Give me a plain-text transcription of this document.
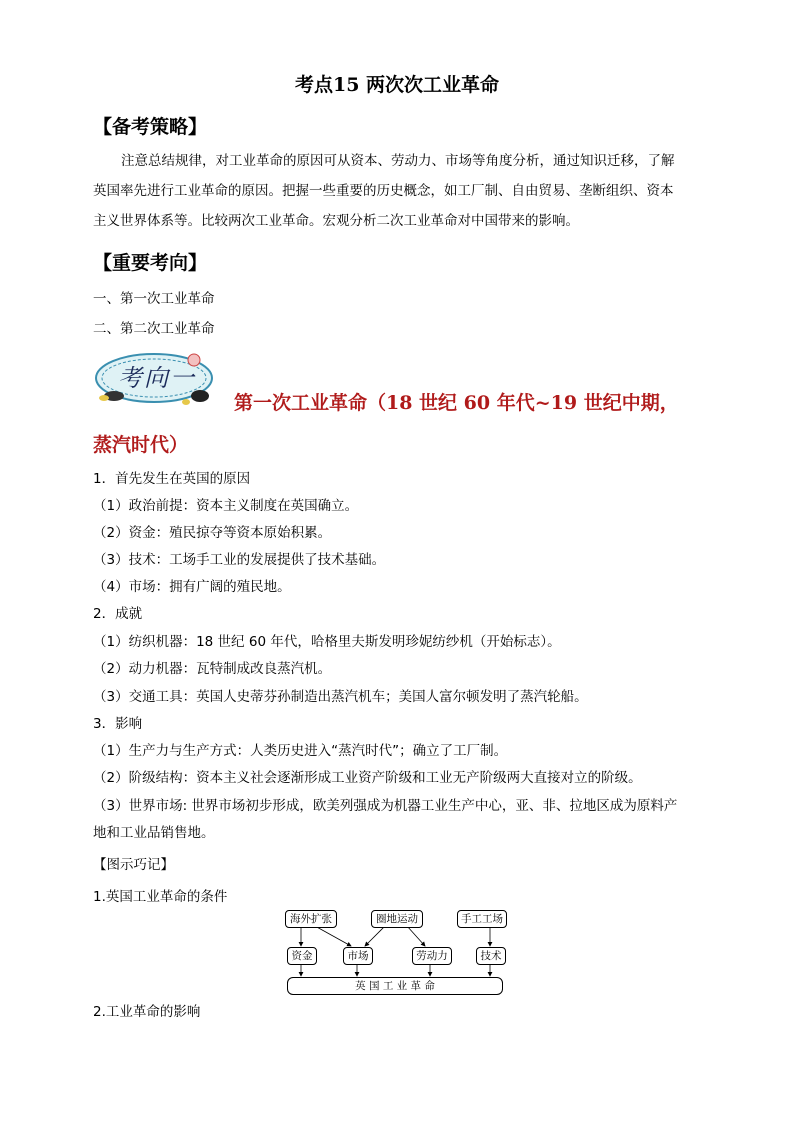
考点15 两次次工业革命
【备考策略】
注意总结规律，对工业革命的原因可从资本、劳动力、市场等角度分析，通过知识迁移，了解
英国率先进行工业革命的原因。把握一些重要的历史概念，如工厂制、自由贸易、垄断组织、资本
主义世界体系等。比较两次工业革命。宏观分析二次工业革命对中国带来的影响。
【重要考向】
一、第一次工业革命
二、第二次工业革命
考向一
第一次工业革命（18 世纪 60 年代~19 世纪中期，
蒸汽时代）
1．首先发生在英国的原因
（1）政治前提：资本主义制度在英国确立。
（2）资金：殖民掠夺等资本原始积累。
（3）技术：工场手工业的发展提供了技术基础。
（4）市场：拥有广阔的殖民地。
2．成就
（1）纺织机器：18 世纪 60 年代，哈格里夫斯发明珍妮纺纱机（开始标志）。
（2）动力机器：瓦特制成改良蒸汽机。
（3）交通工具：英国人史蒂芬孙制造出蒸汽机车；美国人富尔顿发明了蒸汽轮船。
3．影响
（1）生产力与生产方式：人类历史进入“蒸汽时代”；确立了工厂制。
（2）阶级结构：资本主义社会逐渐形成工业资产阶级和工业无产阶级两大直接对立的阶级。
（3）世界市场: 世界市场初步形成，欧美列强成为机器工业生产中心，亚、非、拉地区成为原料产
地和工业品销售地。
【图示巧记】
1.英国工业革命的条件
海外扩张	圈地运动	手工工场
资金	市场	劳动力	技术
英 国 工 业 革 命
2.工业革命的影响
